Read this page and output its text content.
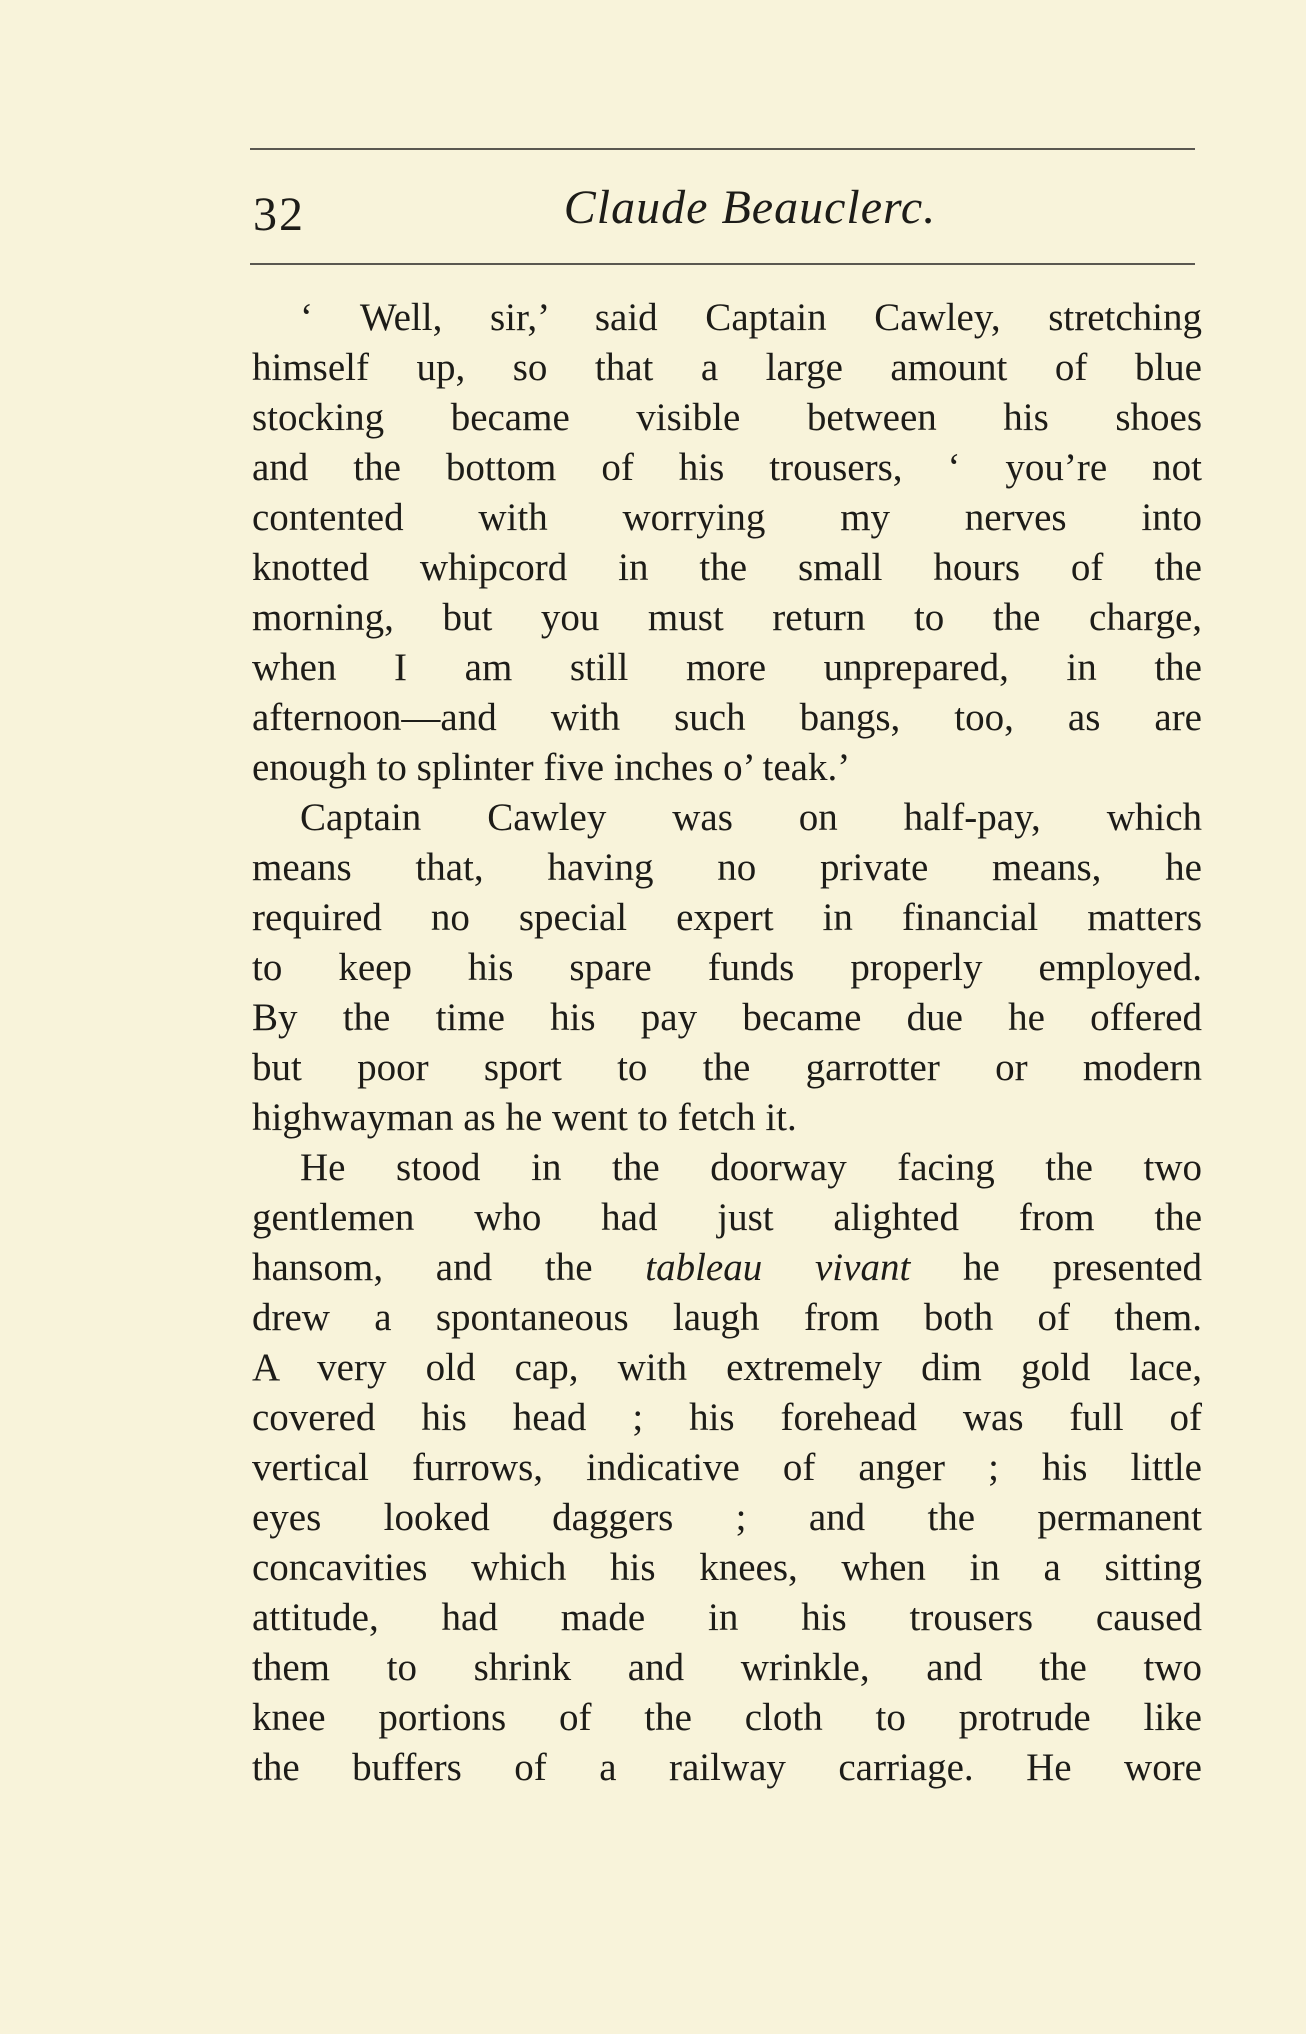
32	Claude Beauclerc.
‘ Well, sir,’ said Captain Cawley, stretching
himself up, so that a large amount of blue
stocking became visible between his shoes
and the bottom of his trousers, ‘ you’re not
contented with worrying my nerves into
knotted whipcord in the small hours of the
morning, but you must return to the charge,
when I am still more unprepared, in the
afternoon—and with such bangs, too, as are
enough to splinter five inches o’ teak.’
Captain Cawley was on half-pay, which
means that, having no private means, he
required no special expert in financial matters
to keep his spare funds properly employed.
By the time his pay became due he offered
but poor sport to the garrotter or modern
highwayman as he went to fetch it.
He stood in the doorway facing the two
gentlemen who had just alighted from the
hansom, and the tableau vivant he presented
drew a spontaneous laugh from both of them.
A very old cap, with extremely dim gold lace,
covered his head ; his forehead was full of
vertical furrows, indicative of anger ; his little
eyes looked daggers ; and the permanent
concavities which his knees, when in a sitting
attitude, had made in his trousers caused
them to shrink and wrinkle, and the two
knee portions of the cloth to protrude like
the buffers of a railway carriage. He wore
